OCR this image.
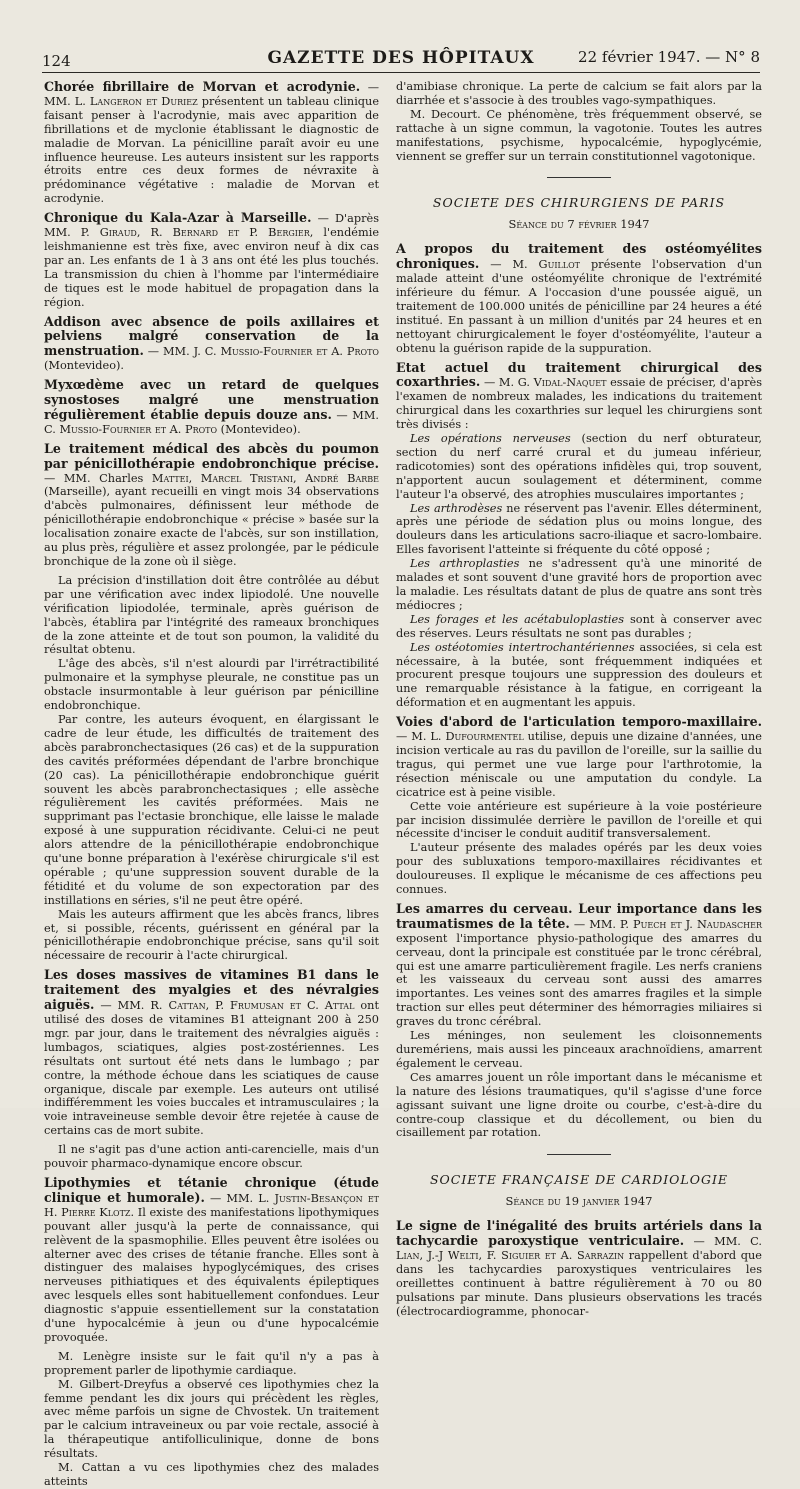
124	GAZETTE DES HÔPITAUX	22 février 1947. — N° 8

Chorée fibrillaire de Morvan et acrodynie. — MM. L. Langeron et Duriez présentent un tableau clinique faisant penser à l'acrodynie, mais avec apparition de fibrillations et de myclonie établissant le diagnostic de maladie de Morvan. La pénicilline paraît avoir eu une influence heureuse. Les auteurs insistent sur les rapports étroits entre ces deux formes de névraxite à prédominance végétative : maladie de Morvan et acrodynie.

Chronique du Kala-Azar à Marseille. — D'après MM. P. Giraud, R. Bernard et P. Bergier, l'endémie leishmanienne est très fixe, avec environ neuf à dix cas par an. Les enfants de 1 à 3 ans ont été les plus touchés. La transmission du chien à l'homme par l'intermédiaire de tiques est le mode habituel de propagation dans la région.

Addison avec absence de poils axillaires et pelviens malgré conservation de la menstruation. — MM. J. C. Mussio-Fournier et A. Proto (Montevideo).

Myxœdème avec un retard de quelques synostoses malgré une menstruation régulièrement établie depuis douze ans. — MM. C. Mussio-Fournier et A. Proto (Montevideo).

Le traitement médical des abcès du poumon par pénicillothérapie endobronchique précise. — MM. Charles Mattei, Marcel Tristani, André Barbe (Marseille), ayant recueilli en vingt mois 34 observations d'abcès pulmonaires, définissent leur méthode de pénicillothérapie endobronchique « précise » basée sur la localisation zonaire exacte de l'abcès, sur son instillation, au plus près, régulière et assez prolongée, par le pédicule bronchique de la zone où il siège.

La précision d'instillation doit être contrôlée au début par une vérification avec index lipiodolé. Une nouvelle vérification lipiodolée, terminale, après guérison de l'abcès, établira par l'intégrité des rameaux bronchiques de la zone atteinte et de tout son poumon, la validité du résultat obtenu.

L'âge des abcès, s'il n'est alourdi par l'irrétractibilité pulmonaire et la symphyse pleurale, ne constitue pas un obstacle insurmontable à leur guérison par pénicilline endobronchique.

Par contre, les auteurs évoquent, en élargissant le cadre de leur étude, les difficultés de traitement des abcès parabronchectasiques (26 cas) et de la suppuration des cavités préformées dépendant de l'arbre bronchique (20 cas). La pénicillothérapie endobronchique guérit souvent les abcès parabronchectasiques ; elle assèche régulièrement les cavités préformées. Mais ne supprimant pas l'ectasie bronchique, elle laisse le malade exposé à une suppuration récidivante. Celui-ci ne peut alors attendre de la pénicillothérapie endobronchique qu'une bonne préparation à l'exérèse chirurgicale s'il est opérable ; qu'une suppression souvent durable de la fétidité et du volume de son expectoration par des instillations en séries, s'il ne peut être opéré.

Mais les auteurs affirment que les abcès francs, libres et, si possible, récents, guérissent en général par la pénicillothérapie endobronchique précise, sans qu'il soit nécessaire de recourir à l'acte chirurgical.

Les doses massives de vitamines B1 dans le traitement des myalgies et des névralgies aiguës. — MM. R. Cattan, P. Frumusan et C. Attal ont utilisé des doses de vitamines B1 atteignant 200 à 250 mgr. par jour, dans le traitement des névralgies aiguës : lumbagos, sciatiques, algies post-zostériennes. Les résultats ont surtout été nets dans le lumbago ; par contre, la méthode échoue dans les sciatiques de cause organique, discale par exemple. Les auteurs ont utilisé indifféremment les voies buccales et intramusculaires ; la voie intraveineuse semble devoir être rejetée à cause de certains cas de mort subite.

Il ne s'agit pas d'une action anti-carencielle, mais d'un pouvoir pharmaco-dynamique encore obscur.

Lipothymies et tétanie chronique (étude clinique et humorale). — MM. L. Justin-Besançon et H. Pierre Klotz. Il existe des manifestations lipothymiques pouvant aller jusqu'à la perte de connaissance, qui relèvent de la spasmophilie. Elles peuvent être isolées ou alterner avec des crises de tétanie franche. Elles sont à distinguer des malaises hypoglycémiques, des crises nerveuses pithiatiques et des équivalents épileptiques avec lesquels elles sont habituellement confondues. Leur diagnostic s'appuie essentiellement sur la constatation d'une hypocalcémie à jeun ou d'une hypocalcémie provoquée.

M. Lenègre insiste sur le fait qu'il n'y a pas à proprement parler de lipothymie cardiaque.

M. Gilbert-Dreyfus a observé ces lipothymies chez la femme pendant les dix jours qui précèdent les règles, avec même parfois un signe de Chvostek. Un traitement par le calcium intraveineux ou par voie rectale, associé à la thérapeutique antifolliculinique, donne de bons résultats.

M. Cattan a vu ces lipothymies chez des malades atteints

d'amibiase chronique. La perte de calcium se fait alors par la diarrhée et s'associe à des troubles vago-sympathiques.

M. Decourt. Ce phénomène, très fréquemment observé, se rattache à un signe commun, la vagotonie. Toutes les autres manifestations, psychisme, hypocalcémie, hypoglycémie, viennent se greffer sur un terrain constitutionnel vagotonique.

SOCIETE DES CHIRURGIENS DE PARIS
Séance du 7 février 1947

A propos du traitement des ostéomyélites chroniques. — M. Guillot présente l'observation d'un malade atteint d'une ostéomyélite chronique de l'extrémité inférieure du fémur. A l'occasion d'une poussée aiguë, un traitement de 100.000 unités de pénicilline par 24 heures a été institué. En passant à un million d'unités par 24 heures et en nettoyant chirurgicalement le foyer d'ostéomyélite, l'auteur a obtenu la guérison rapide de la suppuration.

Etat actuel du traitement chirurgical des coxarthries. — M. G. Vidal-Naquet essaie de préciser, d'après l'examen de nombreux malades, les indications du traitement chirurgical dans les coxarthries sur lequel les chirurgiens sont très divisés :

Les opérations nerveuses (section du nerf obturateur, section du nerf carré crural et du jumeau inférieur, radicotomies) sont des opérations infidèles qui, trop souvent, n'apportent aucun soulagement et déterminent, comme l'auteur l'a observé, des atrophies musculaires importantes ;

Les arthrodèses ne réservent pas l'avenir. Elles déterminent, après une période de sédation plus ou moins longue, des douleurs dans les articulations sacro-iliaque et sacro-lombaire. Elles favorisent l'atteinte si fréquente du côté opposé ;

Les arthroplasties ne s'adressent qu'à une minorité de malades et sont souvent d'une gravité hors de proportion avec la maladie. Les résultats datant de plus de quatre ans sont très médiocres ;

Les forages et les acétabuloplasties sont à conserver avec des réserves. Leurs résultats ne sont pas durables ;

Les ostéotomies intertrochantériennes associées, si cela est nécessaire, à la butée, sont fréquemment indiquées et procurent presque toujours une suppression des douleurs et une remarquable résistance à la fatigue, en corrigeant la déformation et en augmentant les appuis.

Voies d'abord de l'articulation temporo-maxillaire. — M. L. Dufourmentel utilise, depuis une dizaine d'années, une incision verticale au ras du pavillon de l'oreille, sur la saillie du tragus, qui permet une vue large pour l'arthrotomie, la résection méniscale ou une amputation du condyle. La cicatrice est à peine visible.

Cette voie antérieure est supérieure à la voie postérieure par incision dissimulée derrière le pavillon de l'oreille et qui nécessite d'inciser le conduit auditif transversalement.

L'auteur présente des malades opérés par les deux voies pour des subluxations temporo-maxillaires récidivantes et douloureuses. Il explique le mécanisme de ces affections peu connues.

Les amarres du cerveau. Leur importance dans les traumatismes de la tête. — MM. P. Puech et J. Naudascher exposent l'importance physio-pathologique des amarres du cerveau, dont la principale est constituée par le tronc cérébral, qui est une amarre particulièrement fragile. Les nerfs craniens et les vaisseaux du cerveau sont aussi des amarres importantes. Les veines sont des amarres fragiles et la simple traction sur elles peut déterminer des hémorragies miliaires si graves du tronc cérébral.

Les méninges, non seulement les cloisonnements duremériens, mais aussi les pinceaux arachnoïdiens, amarrent également le cerveau.

Ces amarres jouent un rôle important dans le mécanisme et la nature des lésions traumatiques, qu'il s'agisse d'une force agissant suivant une ligne droite ou courbe, c'est-à-dire du contre-coup classique et du décollement, ou bien du cisaillement par rotation.

SOCIETE FRANÇAISE DE CARDIOLOGIE
Séance du 19 janvier 1947

Le signe de l'inégalité des bruits artériels dans la tachycardie paroxystique ventriculaire. — MM. C. Lian, J.-J Welti, F. Siguier et A. Sarrazin rappellent d'abord que dans les tachycardies paroxystiques ventriculaires les oreillettes continuent à battre régulièrement à 70 ou 80 pulsations par minute. Dans plusieurs observations les tracés (électrocardiogramme, phonocar-
